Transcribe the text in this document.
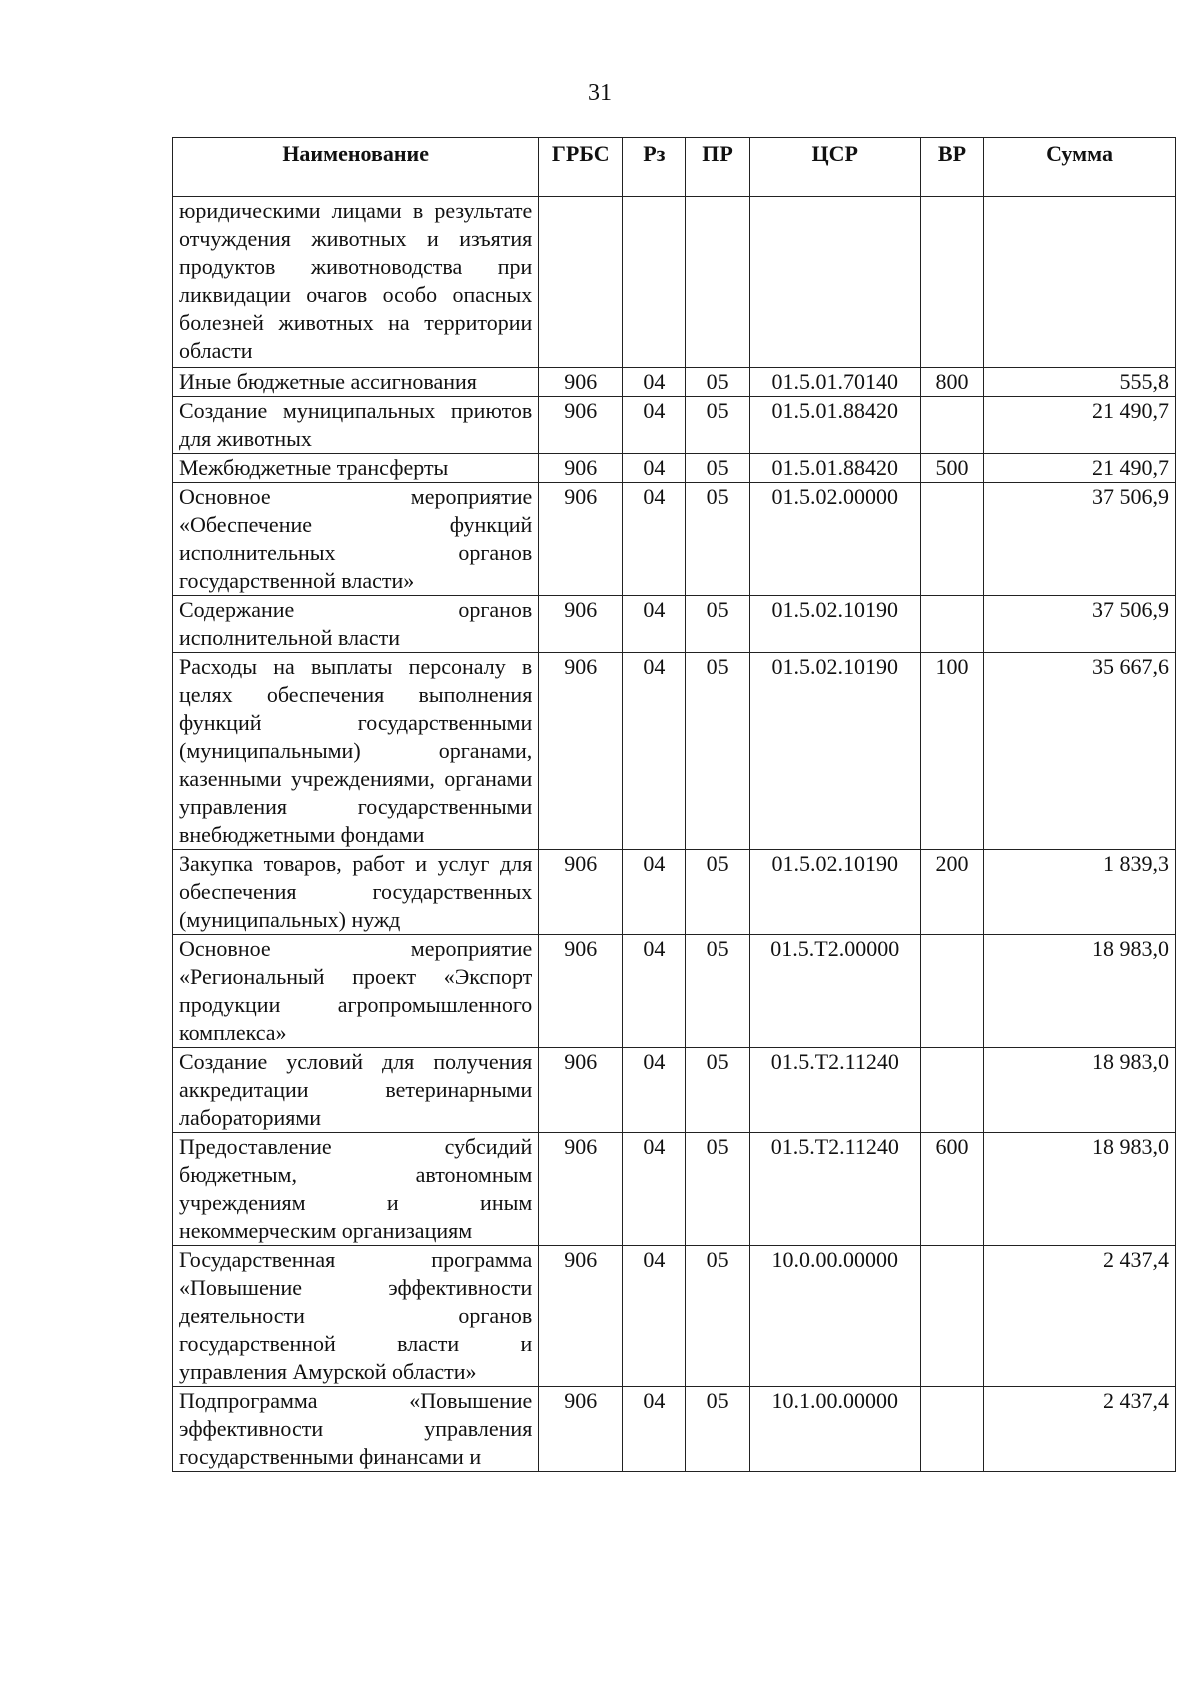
31
Наименование	ГРБС	Рз	ПР	ЦСР	ВР	Сумма
юридическими лицами в результате отчуждения животных и изъятия продуктов животноводства при ликвидации очагов особо опасных болезней животных на территории области						
Иные бюджетные ассигнования	906	04	05	01.5.01.70140	800	555,8
Создание муниципальных приютов для животных	906	04	05	01.5.01.88420		21 490,7
Межбюджетные трансферты	906	04	05	01.5.01.88420	500	21 490,7
Основное мероприятие «Обеспечение функций исполнительных органов государственной власти»	906	04	05	01.5.02.00000		37 506,9
Содержание органов исполнительной власти	906	04	05	01.5.02.10190		37 506,9
Расходы на выплаты персоналу в целях обеспечения выполнения функций государственными (муниципальными) органами, казенными учреждениями, органами управления государственными внебюджетными фондами	906	04	05	01.5.02.10190	100	35 667,6
Закупка товаров, работ и услуг для обеспечения государственных (муниципальных) нужд	906	04	05	01.5.02.10190	200	1 839,3
Основное мероприятие «Региональный проект «Экспорт продукции агропромышленного комплекса»	906	04	05	01.5.Т2.00000		18 983,0
Создание условий для получения аккредитации ветеринарными лабораториями	906	04	05	01.5.Т2.11240		18 983,0
Предоставление субсидий бюджетным, автономным учреждениям и иным некоммерческим организациям	906	04	05	01.5.Т2.11240	600	18 983,0
Государственная программа «Повышение эффективности деятельности органов государственной власти и управления Амурской области»	906	04	05	10.0.00.00000		2 437,4
Подпрограмма «Повышение эффективности управления государственными финансами и	906	04	05	10.1.00.00000		2 437,4
